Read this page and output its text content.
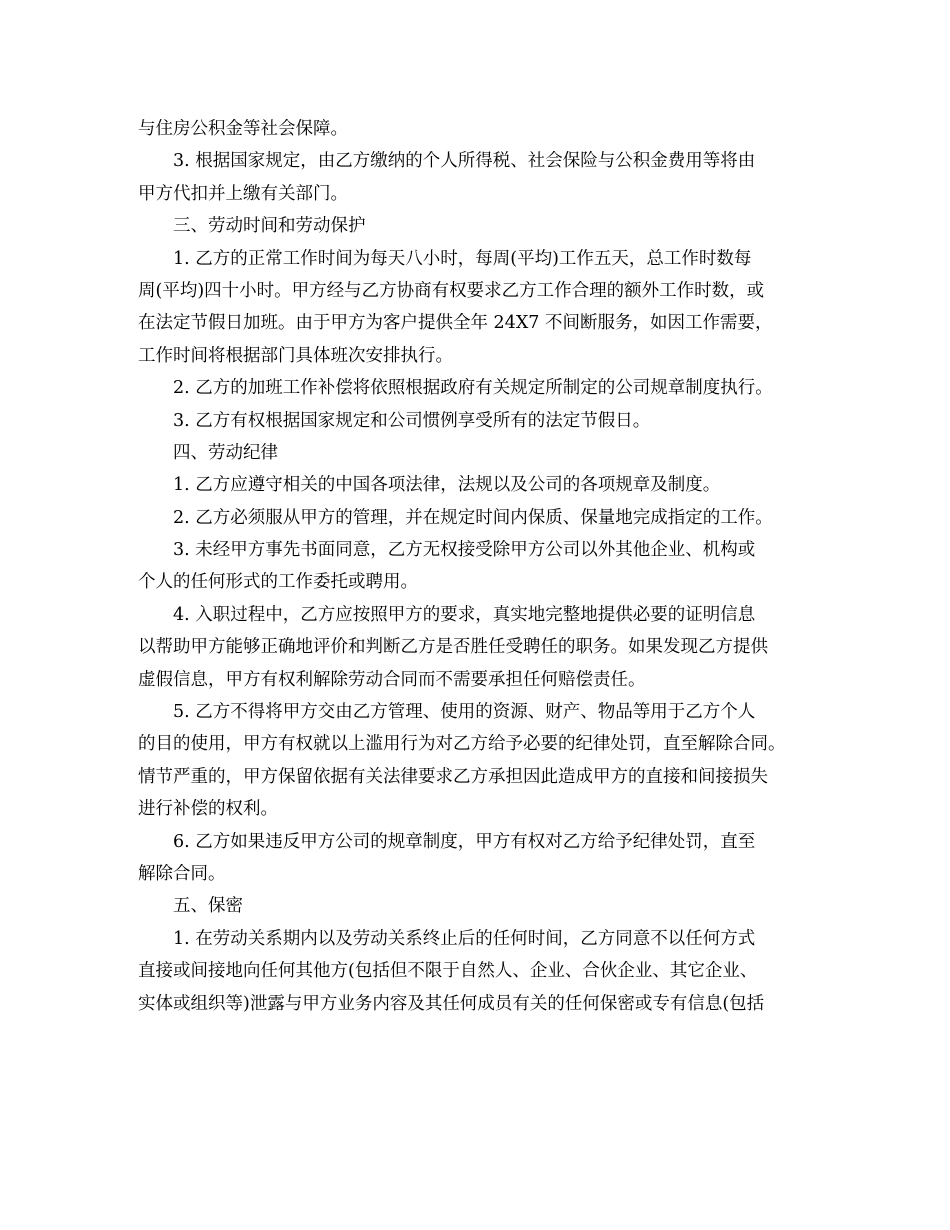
与住房公积金等社会保障。
3. 根据国家规定，由乙方缴纳的个人所得税、社会保险与公积金费用等将由
甲方代扣并上缴有关部门。
三、劳动时间和劳动保护
1. 乙方的正常工作时间为每天八小时，每周(平均)工作五天，总工作时数每
周(平均)四十小时。甲方经与乙方协商有权要求乙方工作合理的额外工作时数，或
在法定节假日加班。由于甲方为客户提供全年 24X7 不间断服务，如因工作需要，
工作时间将根据部门具体班次安排执行。
2. 乙方的加班工作补偿将依照根据政府有关规定所制定的公司规章制度执行。
3. 乙方有权根据国家规定和公司惯例享受所有的法定节假日。
四、劳动纪律
1. 乙方应遵守相关的中国各项法律，法规以及公司的各项规章及制度。
2. 乙方必须服从甲方的管理，并在规定时间内保质、保量地完成指定的工作。
3. 未经甲方事先书面同意，乙方无权接受除甲方公司以外其他企业、机构或
个人的任何形式的工作委托或聘用。
4. 入职过程中，乙方应按照甲方的要求，真实地完整地提供必要的证明信息
以帮助甲方能够正确地评价和判断乙方是否胜任受聘任的职务。如果发现乙方提供
虚假信息，甲方有权利解除劳动合同而不需要承担任何赔偿责任。
5. 乙方不得将甲方交由乙方管理、使用的资源、财产、物品等用于乙方个人
的目的使用，甲方有权就以上滥用行为对乙方给予必要的纪律处罚，直至解除合同。
情节严重的，甲方保留依据有关法律要求乙方承担因此造成甲方的直接和间接损失
进行补偿的权利。
6. 乙方如果违反甲方公司的规章制度，甲方有权对乙方给予纪律处罚，直至
解除合同。
五、保密
1. 在劳动关系期内以及劳动关系终止后的任何时间，乙方同意不以任何方式
直接或间接地向任何其他方(包括但不限于自然人、企业、合伙企业、其它企业、
实体或组织等)泄露与甲方业务内容及其任何成员有关的任何保密或专有信息(包括
